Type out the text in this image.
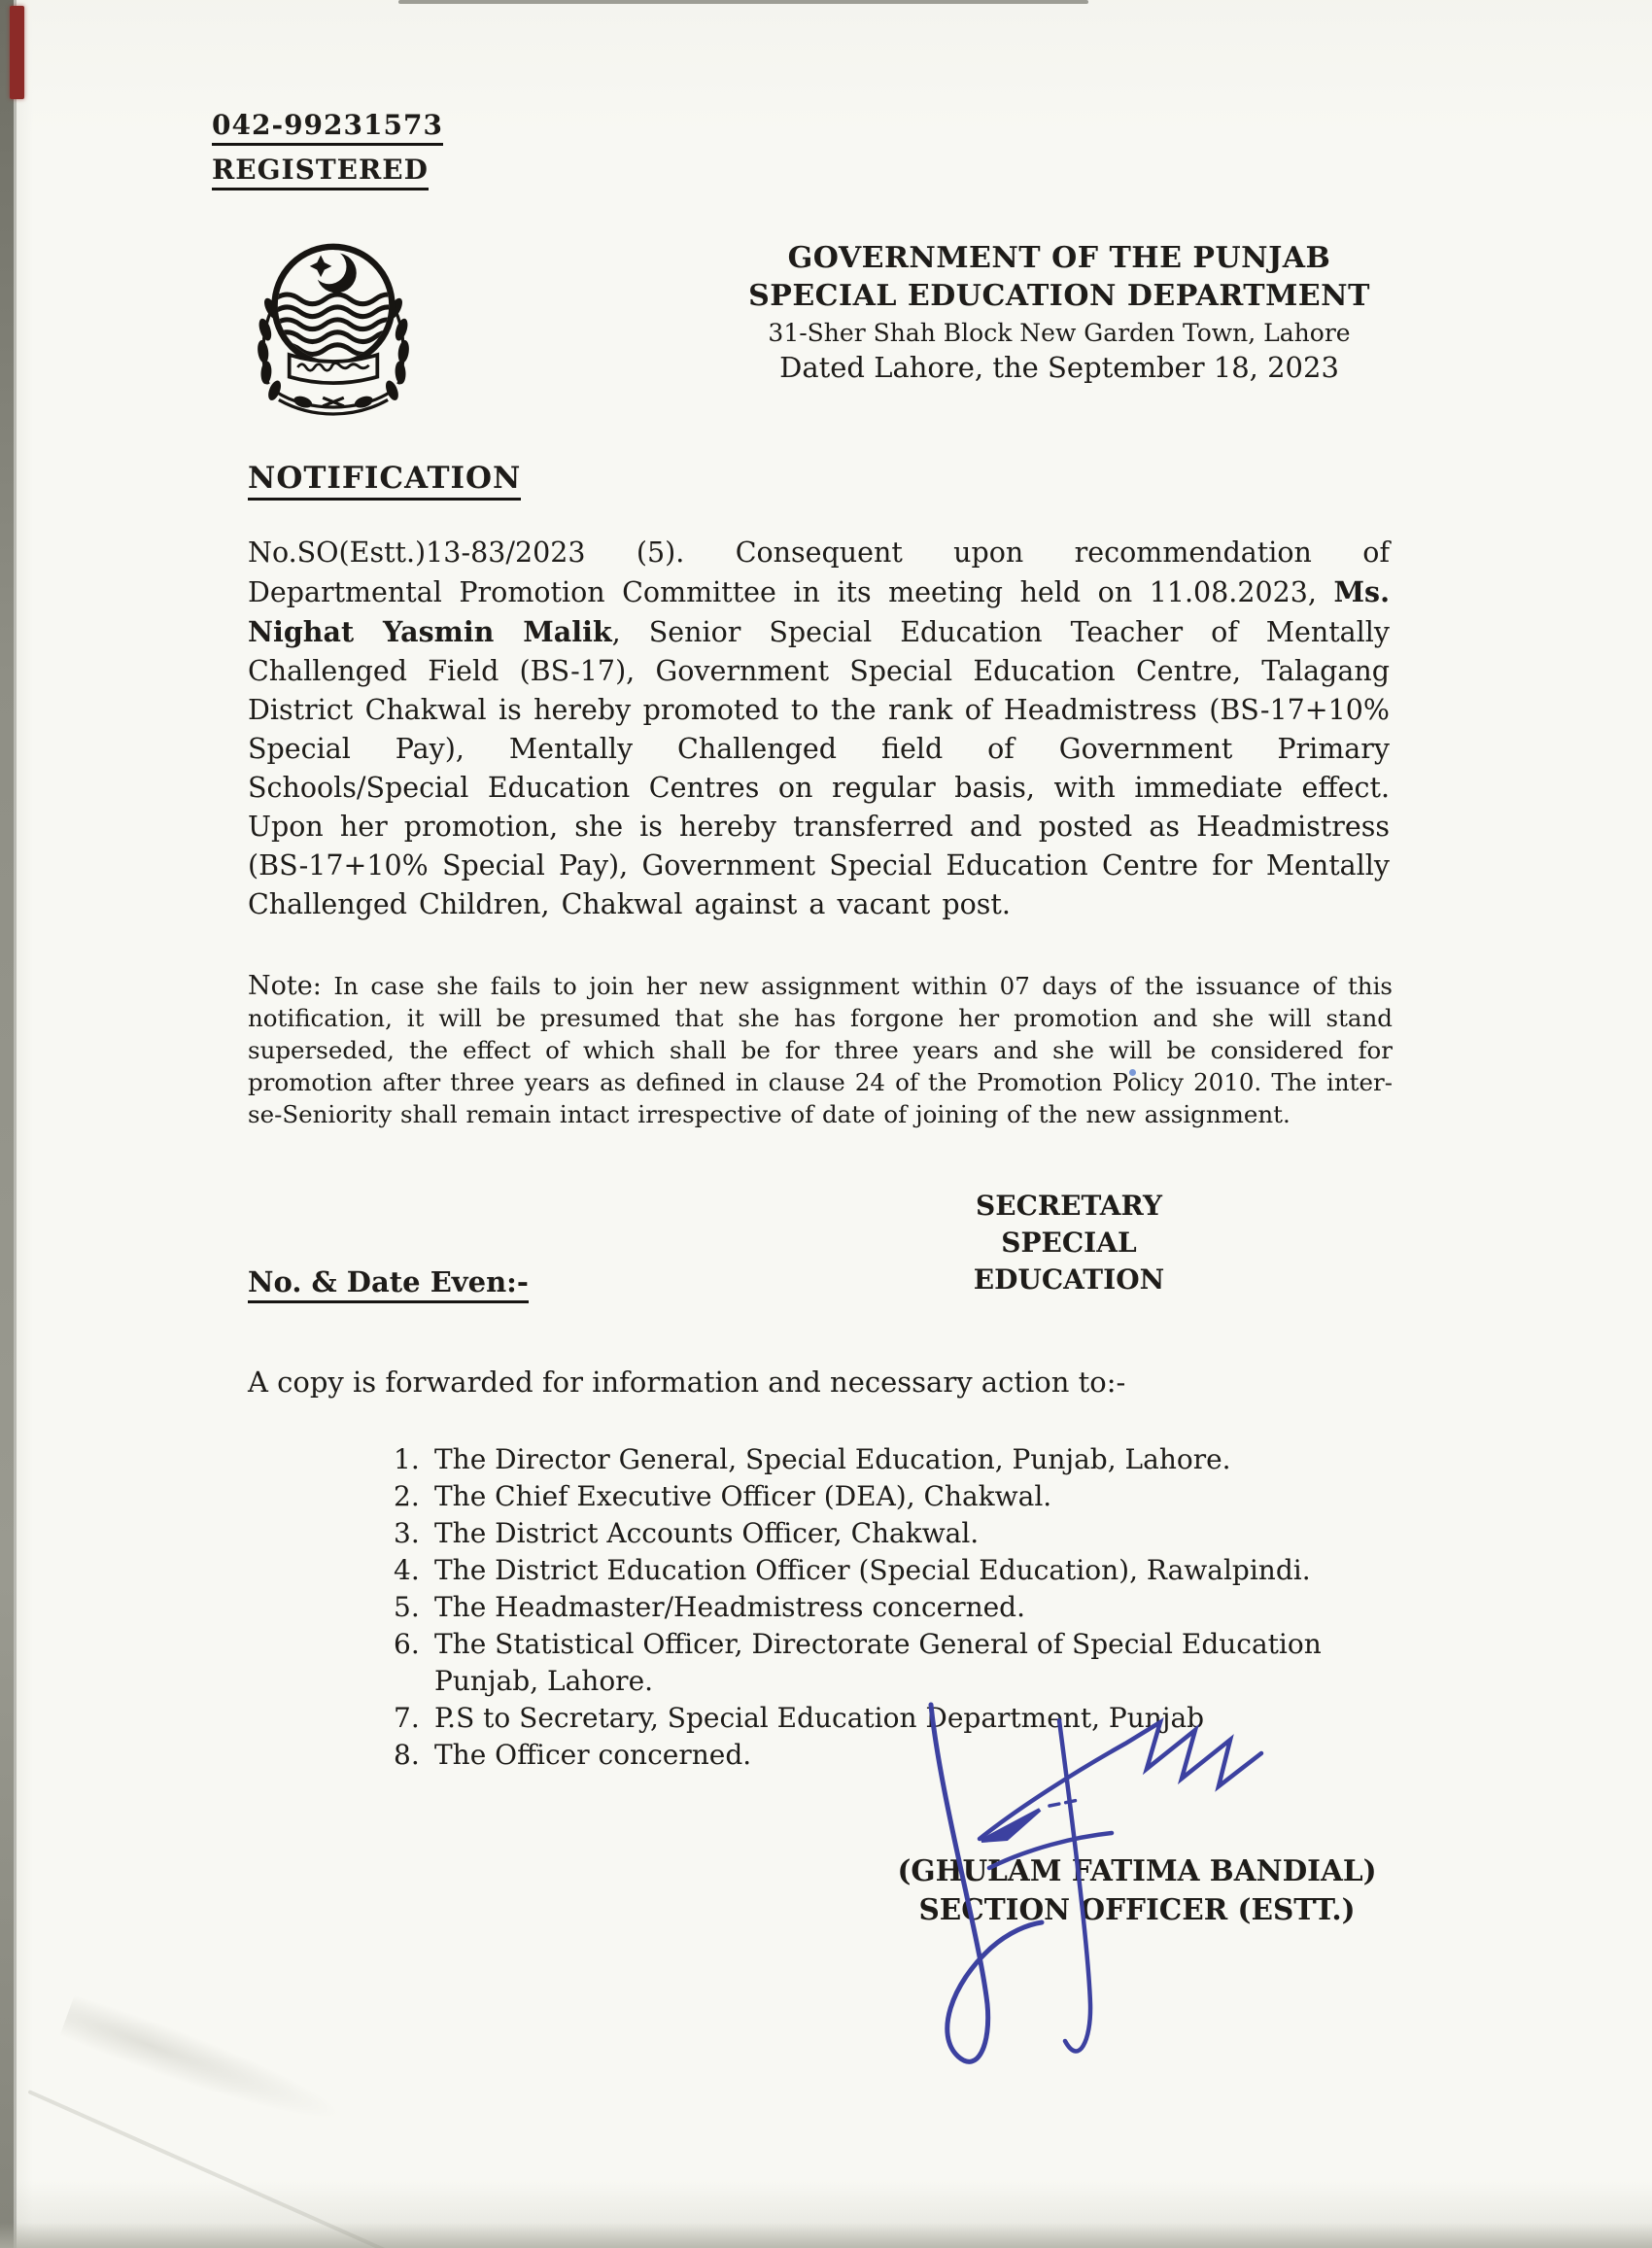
042-99231573
REGISTERED
GOVERNMENT OF THE PUNJAB
SPECIAL EDUCATION DEPARTMENT
31-Sher Shah Block New Garden Town, Lahore
Dated Lahore, the September 18, 2023
NOTIFICATION
No.SO(Estt.)13-83/2023 (5). Consequent upon recommendation of Departmental Promotion Committee in its meeting held on 11.08.2023, Ms. Nighat Yasmin Malik, Senior Special Education Teacher of Mentally Challenged Field (BS-17), Government Special Education Centre, Talagang District Chakwal is hereby promoted to the rank of Headmistress (BS-17+10% Special Pay), Mentally Challenged field of Government Primary Schools/Special Education Centres on regular basis, with immediate effect. Upon her promotion, she is hereby transferred and posted as Headmistress (BS-17+10% Special Pay), Government Special Education Centre for Mentally Challenged Children, Chakwal against a vacant post.
Note: In case she fails to join her new assignment within 07 days of the issuance of this notification, it will be presumed that she has forgone her promotion and she will stand superseded, the effect of which shall be for three years and she will be considered for promotion after three years as defined in clause 24 of the Promotion Policy 2010. The inter-se-Seniority shall remain intact irrespective of date of joining of the new assignment.
SECRETARY
SPECIAL EDUCATION
No. & Date Even:-
A copy is forwarded for information and necessary action to:-
1. The Director General, Special Education, Punjab, Lahore.
2. The Chief Executive Officer (DEA), Chakwal.
3. The District Accounts Officer, Chakwal.
4. The District Education Officer (Special Education), Rawalpindi.
5. The Headmaster/Headmistress concerned.
6. The Statistical Officer, Directorate General of Special Education Punjab, Lahore.
7. P.S to Secretary, Special Education Department, Punjab
8. The Officer concerned.
(GHULAM FATIMA BANDIAL)
SECTION OFFICER (ESTT.)
